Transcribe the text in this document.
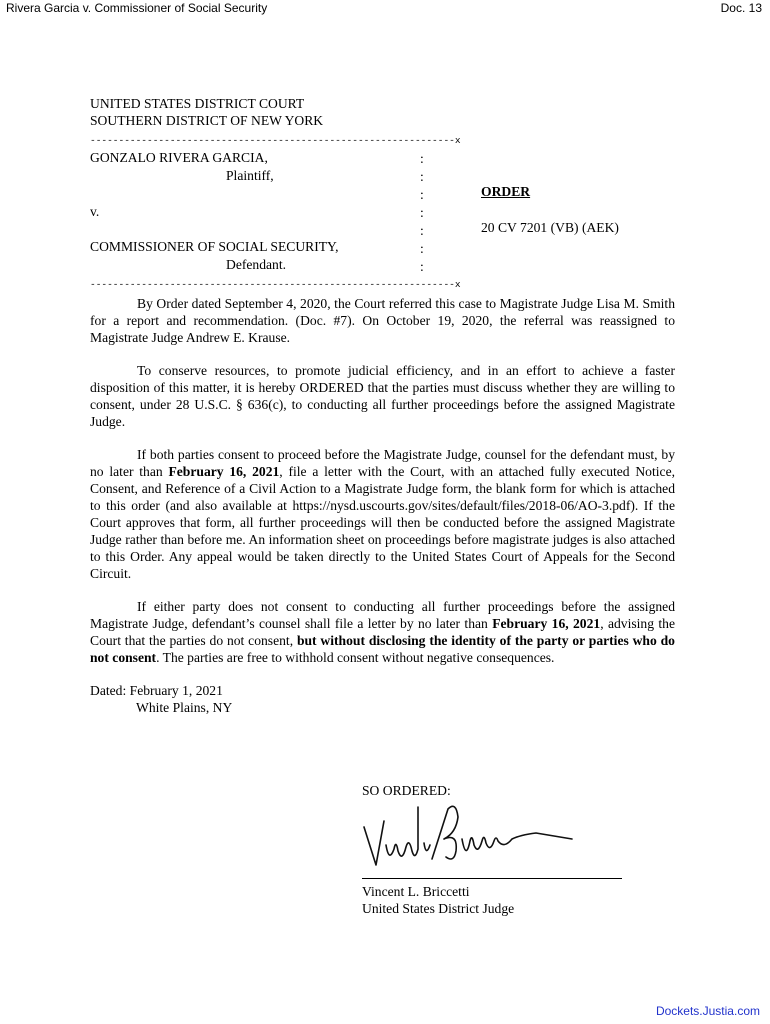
Rivera Garcia v. Commissioner of Social Security	Doc. 13
UNITED STATES DISTRICT COURT
SOUTHERN DISTRICT OF NEW YORK
----------------------------------------------------------------x
GONZALO RIVERA GARCIA,
Plaintiff,
v.
COMMISSIONER OF SOCIAL SECURITY,
Defendant.
----------------------------------------------------------------x
:
:
:
:
:
:
:
ORDER
20 CV 7201 (VB) (AEK)

By Order dated September 4, 2020, the Court referred this case to Magistrate Judge Lisa M. Smith for a report and recommendation. (Doc. #7). On October 19, 2020, the referral was reassigned to Magistrate Judge Andrew E. Krause.

To conserve resources, to promote judicial efficiency, and in an effort to achieve a faster disposition of this matter, it is hereby ORDERED that the parties must discuss whether they are willing to consent, under 28 U.S.C. § 636(c), to conducting all further proceedings before the assigned Magistrate Judge.

If both parties consent to proceed before the Magistrate Judge, counsel for the defendant must, by no later than February 16, 2021, file a letter with the Court, with an attached fully executed Notice, Consent, and Reference of a Civil Action to a Magistrate Judge form, the blank form for which is attached to this order (and also available at https://nysd.uscourts.gov/sites/default/files/2018-06/AO-3.pdf). If the Court approves that form, all further proceedings will then be conducted before the assigned Magistrate Judge rather than before me. An information sheet on proceedings before magistrate judges is also attached to this Order. Any appeal would be taken directly to the United States Court of Appeals for the Second Circuit.

If either party does not consent to conducting all further proceedings before the assigned Magistrate Judge, defendant’s counsel shall file a letter by no later than February 16, 2021, advising the Court that the parties do not consent, but without disclosing the identity of the party or parties who do not consent. The parties are free to withhold consent without negative consequences.

Dated: February 1, 2021
White Plains, NY
SO ORDERED:
Vincent L. Briccetti
United States District Judge
Dockets.Justia.com
